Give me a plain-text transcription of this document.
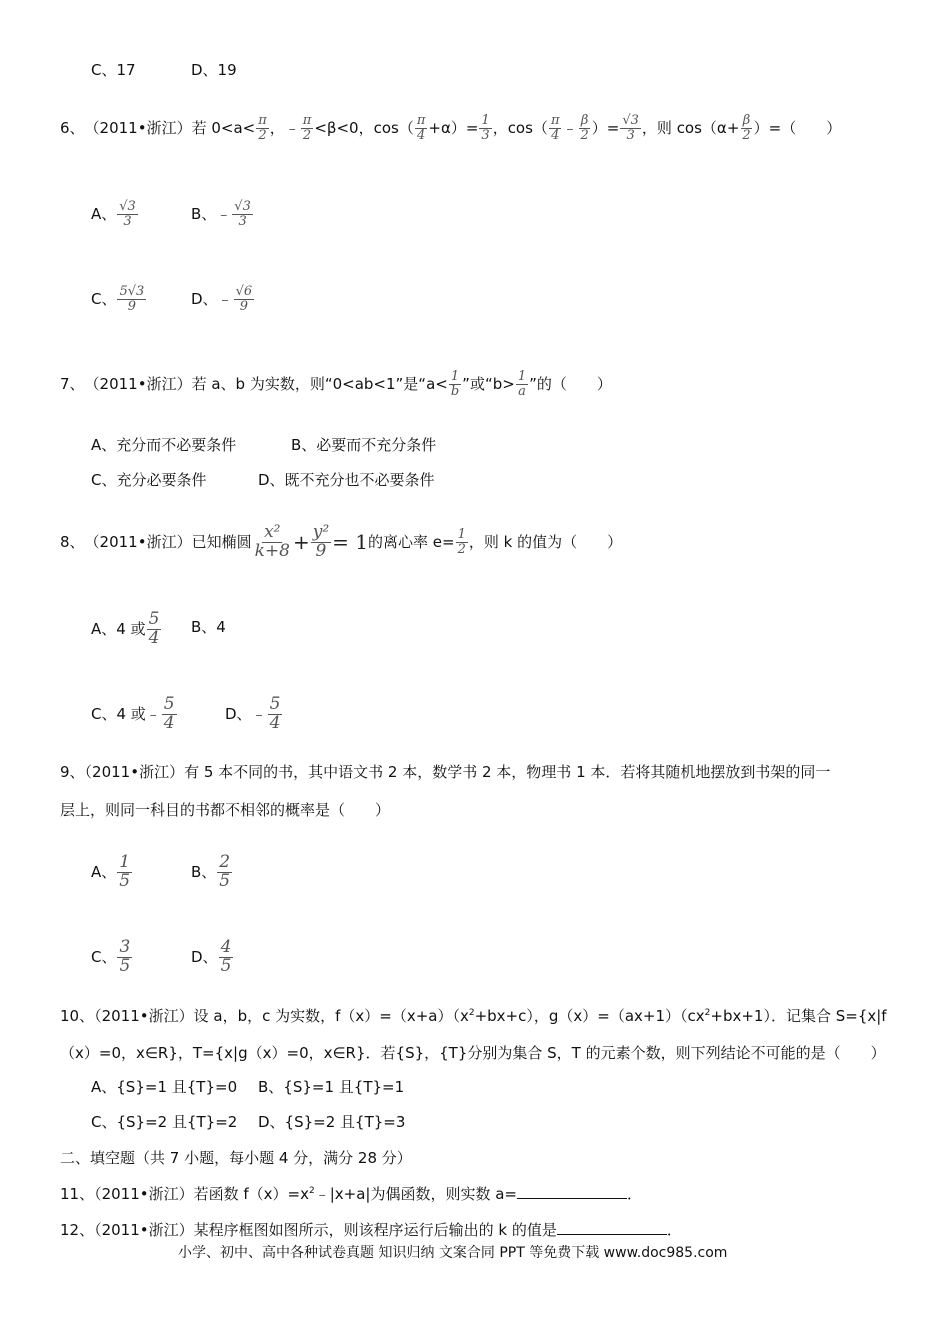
C、17	D、19
6、 （2011•浙江）若 $0<a< \frac{\pi}{2}$ ，﹣ $\frac{\pi}{2} <\beta<0$，$\cos( \frac{\pi}{4} +\alpha)= \frac{1}{3}$ ，$\cos( \frac{\pi}{4}$ ﹣ $\frac{\beta}{2}$ ）= $\frac{√3}{3}$ ，则 $\cos(\alpha+ \frac{\beta}{2}$ ）=（　　）
A、 $\frac{√3}{3}$	B、﹣ $\frac{√3}{3}$
C、 $\frac{5√3}{9}$	D、﹣ $\frac{√6}{9}$
7、 （2011•浙江）若 a、b 为实数，则“0<ab<1”是“$a< \frac{1}{b}$ ”或“$b> \frac{1}{a}$ ”的（　　）
A、充分而不必要条件	B、必要而不充分条件
C、充分必要条件	D、既不充分也不必要条件
8、 （2011•浙江）已知椭圆 $\frac{\text{x²}}{k+8} + \frac{\text{y²}}{9} = 1$ 的离心率 $e= \frac{1}{2}$ ，则 k 的值为（　　）
A、4 或 $\frac{5}{4}$ B、4
C、4 或﹣ $\frac{5}{4}$	D、﹣ $\frac{5}{4}$
9、（2011•浙江）有 5 本不同的书，其中语文书 2 本，数学书 2 本，物理书 1 本．若将其随机地摆放到书架的同一
层上，则同一科目的书都不相邻的概率是（　　）
A、 $\frac{1}{5}$	B、 $\frac{2}{5}$
C、 $\frac{3}{5}$	D、 $\frac{4}{5}$
10、（2011•浙江）设 a，b，c 为实数，$f(x)=(x+a)(x^2+bx+c)$，$g(x)=(ax+1)(cx^2+bx+1)$．记集合 S={x|f
（x）=0，x∈R}，T={x|g（x）=0，x∈R}．若{S}，{T}分别为集合 S，T 的元素个数，则下列结论不可能的是（　　）
A、{S}=1 且{T}=0 B、{S}=1 且{T}=1
C、{S}=2 且{T}=2 D、{S}=2 且{T}=3
二、填空题（共 7 小题，每小题 4 分，满分 28 分）
11、（2011•浙江）若函数 $f(x)=x^2﹣|x+a|$为偶函数，则实数 a=	．
12、（2011•浙江）某程序框图如图所示，则该程序运行后输出的 k 的值是	．
小学、初中、高中各种试卷真题 知识归纳 文案合同 PPT 等免费下载 www.doc985.com
